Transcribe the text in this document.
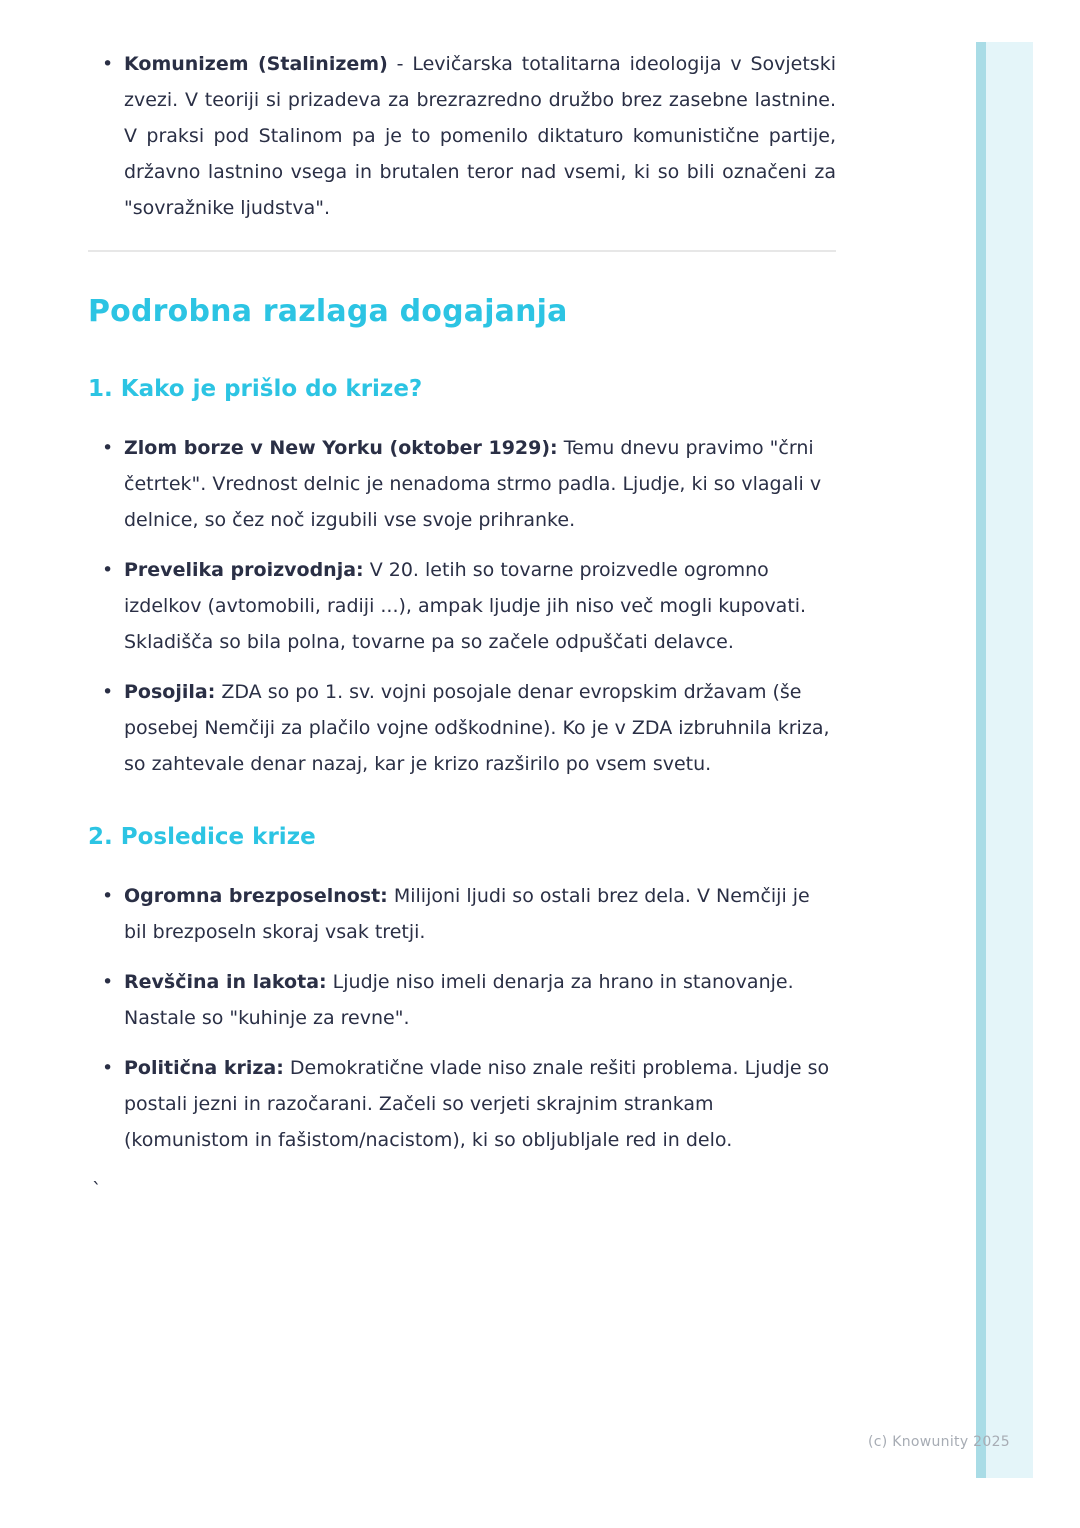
• Komunizem (Stalinizem) - Levičarska totalitarna ideologija v Sovjetski zvezi. V teoriji si prizadeva za brezrazredno družbo brez zasebne lastnine. V praksi pod Stalinom pa je to pomenilo diktaturo komunistične partije, državno lastnino vsega in brutalen teror nad vsemi, ki so bili označeni za "sovražnike ljudstva".
Podrobna razlaga dogajanja
1. Kako je prišlo do krize?
• Zlom borze v New Yorku (oktober 1929): Temu dnevu pravimo "črni četrtek". Vrednost delnic je nenadoma strmo padla. Ljudje, ki so vlagali v delnice, so čez noč izgubili vse svoje prihranke.
• Prevelika proizvodnja: V 20. letih so tovarne proizvedle ogromno izdelkov (avtomobili, radiji ...), ampak ljudje jih niso več mogli kupovati. Skladišča so bila polna, tovarne pa so začele odpuščati delavce.
• Posojila: ZDA so po 1. sv. vojni posojale denar evropskim državam (še posebej Nemčiji za plačilo vojne odškodnine). Ko je v ZDA izbruhnila kriza, so zahtevale denar nazaj, kar je krizo razširilo po vsem svetu.
2. Posledice krize
• Ogromna brezposelnost: Milijoni ljudi so ostali brez dela. V Nemčiji je bil brezposeln skoraj vsak tretji.
• Revščina in lakota: Ljudje niso imeli denarja za hrano in stanovanje. Nastale so "kuhinje za revne".
• Politična kriza: Demokratične vlade niso znale rešiti problema. Ljudje so postali jezni in razočarani. Začeli so verjeti skrajnim strankam (komunistom in fašistom/nacistom), ki so obljubljale red in delo.
`
(c) Knowunity 2025
